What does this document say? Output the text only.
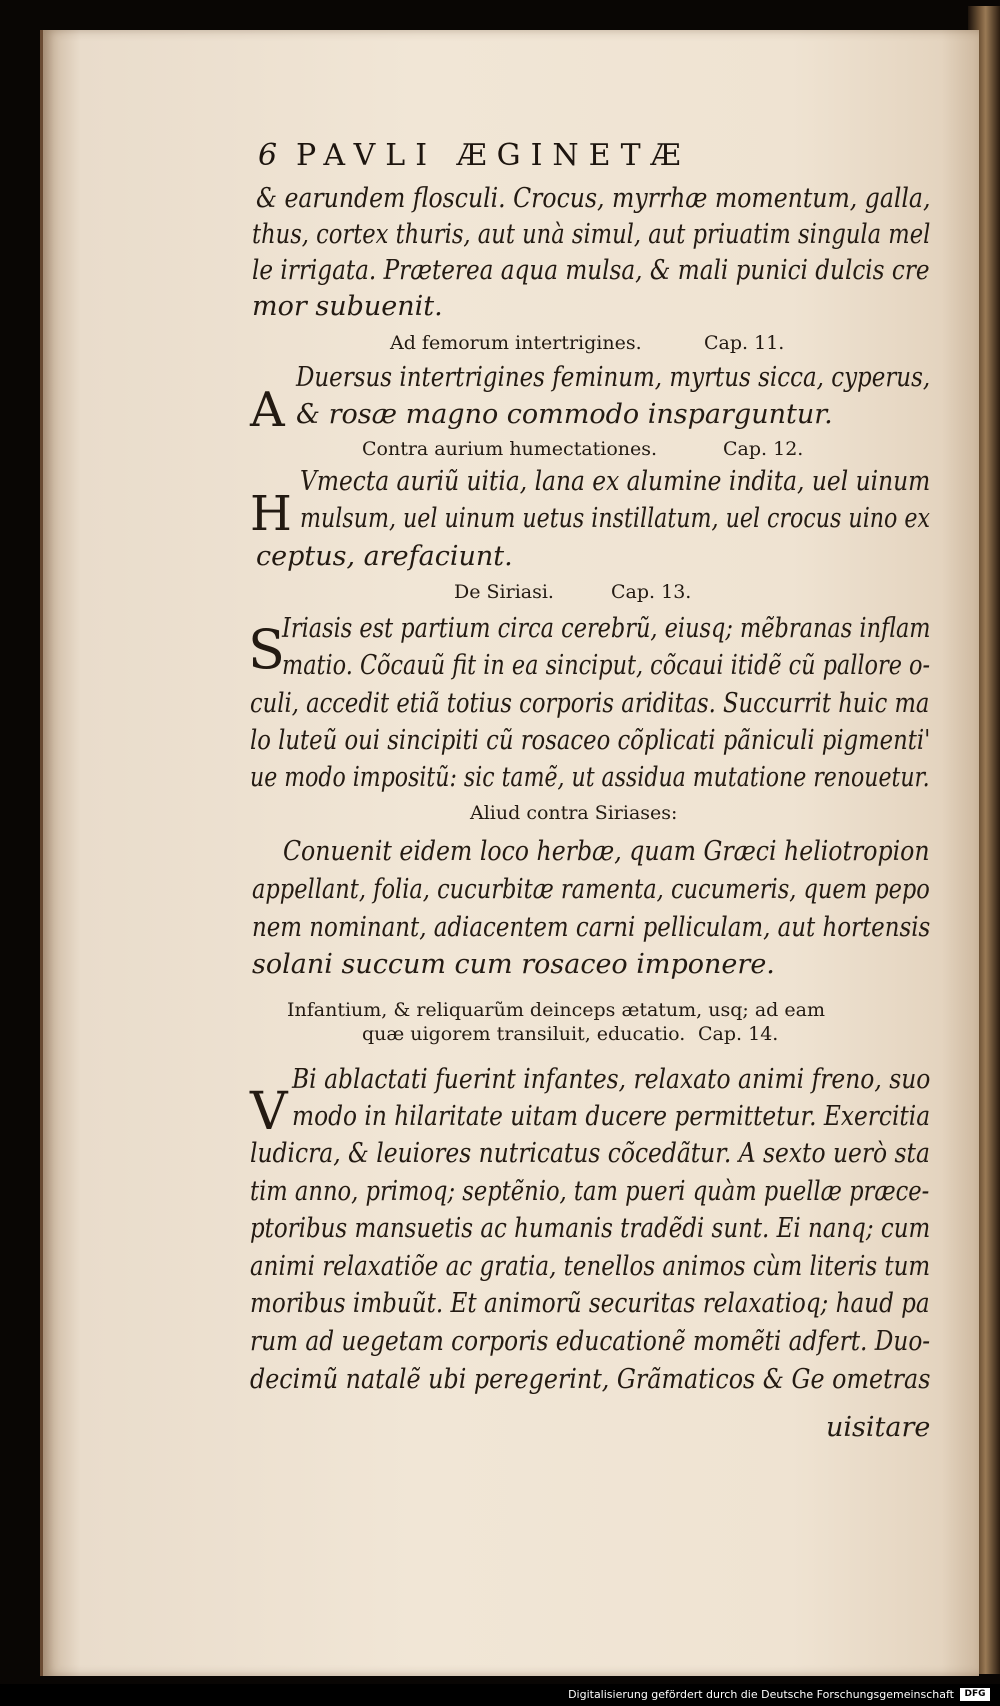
6 PAVLI ÆGINETÆ
& earundem flosculi. Crocus, myrrhæ momentum, galla,
thus, cortex thuris, aut unà simul, aut priuatim singula mel
le irrigata. Præterea aqua mulsa, & mali punici dulcis cre
mor subuenit.
Ad femorum intertrigines.	Cap. 11.
A
Duersus intertrigines feminum, myrtus sicca, cyperus,
& rosæ magno commodo insparguntur.
Contra aurium humectationes.	Cap. 12.
H
Vmecta auriũ uitia, lana ex alumine indita, uel uinum
mulsum, uel uinum uetus instillatum, uel crocus uino ex
ceptus, arefaciunt.
De Siriasi.	Cap. 13.
S
Iriasis est partium circa cerebrũ, eiusq; mẽbranas inflam
matio. Cõcauũ fit in ea sinciput, cõcaui itidẽ cũ pallore o-
culi, accedit etiã totius corporis ariditas. Succurrit huic ma
lo luteũ oui sincipiti cũ rosaceo cõplicati pãniculi pigmenti'
ue modo impositũ: sic tamẽ, ut assidua mutatione renouetur.
Aliud contra Siriases:
Conuenit eidem loco herbæ, quam Græci heliotropion
appellant, folia, cucurbitæ ramenta, cucumeris, quem pepo
nem nominant, adiacentem carni pelliculam, aut hortensis
solani succum cum rosaceo imponere.
Infantium, & reliquarũm deinceps ætatum, usq; ad eam
quæ uigorem transiluit, educatio. Cap. 14.
V
Bi ablactati fuerint infantes, relaxato animi freno, suo
modo in hilaritate uitam ducere permittetur. Exercitia
ludicra, & leuiores nutricatus cõcedãtur. A sexto uerò sta
tim anno, primoq; septẽnio, tam pueri quàm puellæ præce-
ptoribus mansuetis ac humanis tradẽdi sunt. Ei nanq; cum
animi relaxatiõe ac gratia, tenellos animos cùm literis tum
moribus imbuũt. Et animorũ securitas relaxatioq; haud pa
rum ad uegetam corporis educationẽ momẽti adfert. Duo-
decimũ natalẽ ubi peregerint, Grãmaticos & Ge ometras
uisitare
Digitalisierung gefördert durch die Deutsche Forschungsgemeinschaft	DFG
